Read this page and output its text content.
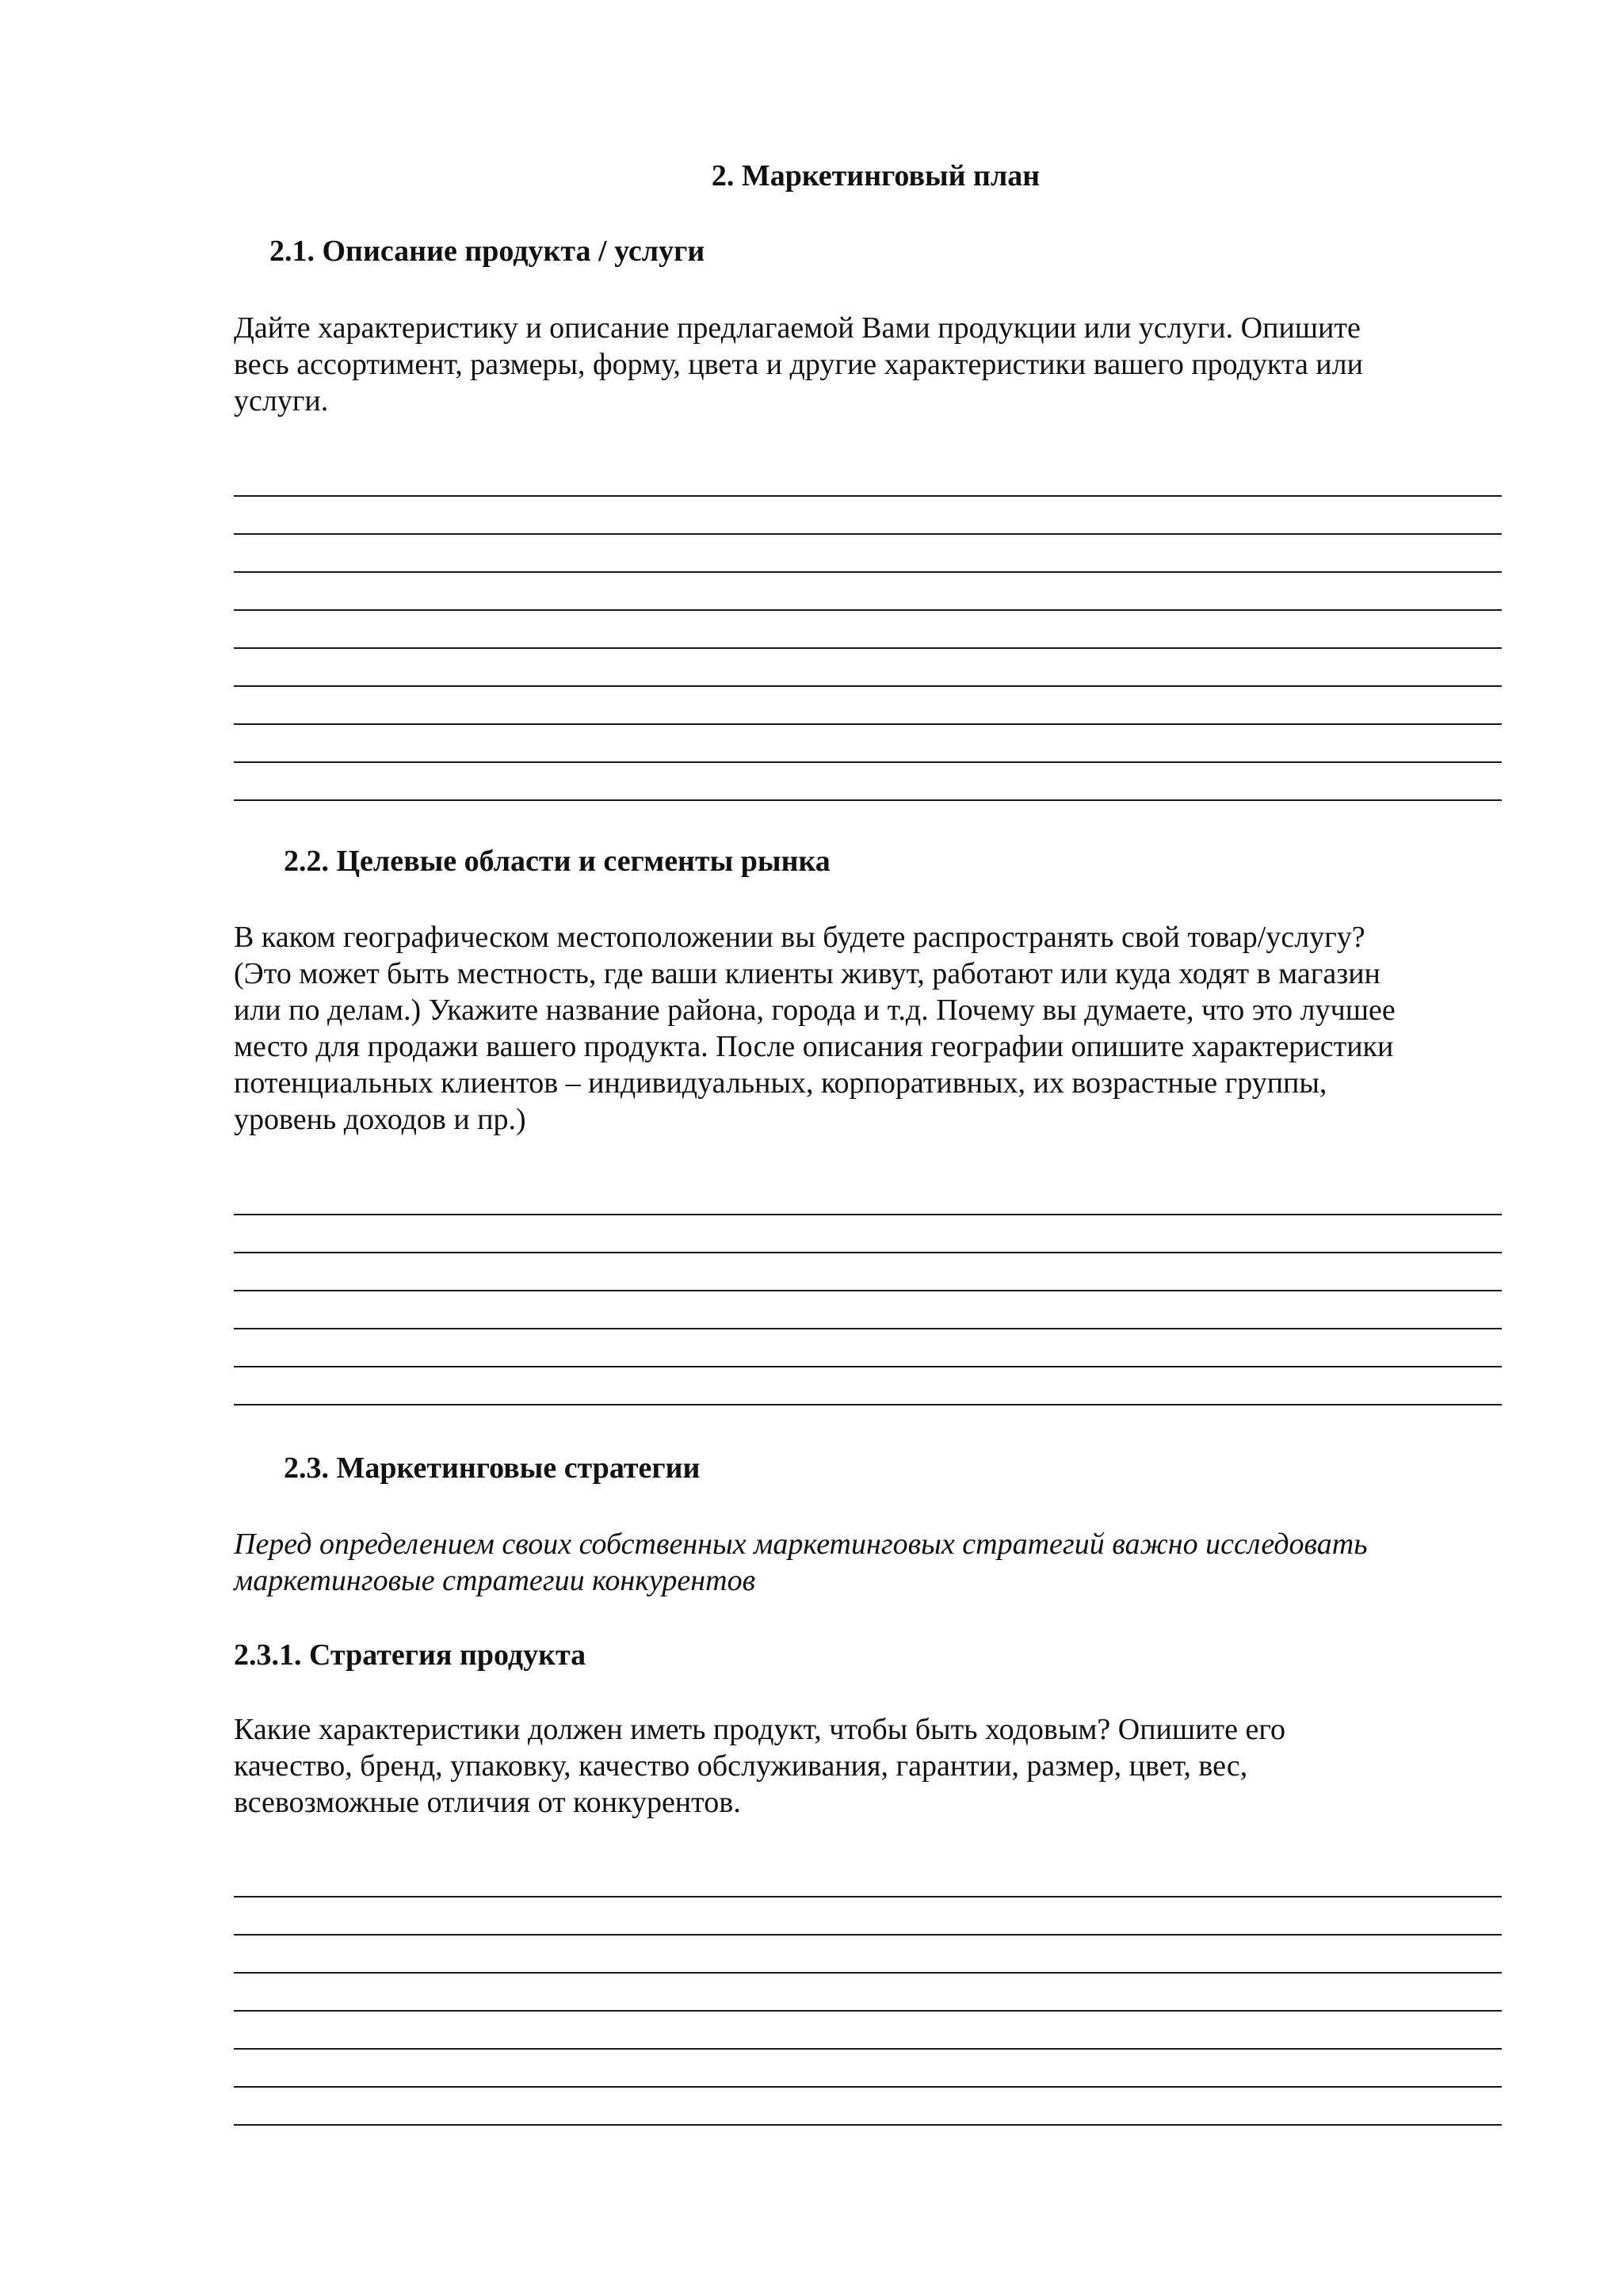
2. Маркетинговый план
2.1. Описание продукта / услуги
Дайте характеристику и описание предлагаемой Вами продукции или услуги. Опишите
весь ассортимент, размеры, форму, цвета и другие характеристики вашего продукта или
услуги.
2.2. Целевые области и сегменты рынка
В каком географическом местоположении вы будете распространять свой товар/услугу?
(Это может быть местность, где ваши клиенты живут, работают или куда ходят в магазин
или по делам.) Укажите название района, города и т.д. Почему вы думаете, что это лучшее
место для продажи вашего продукта. После описания географии опишите характеристики
потенциальных клиентов – индивидуальных, корпоративных, их возрастные группы,
уровень доходов и пр.)
2.3. Маркетинговые стратегии
Перед определением своих собственных маркетинговых стратегий важно исследовать
маркетинговые стратегии конкурентов
2.3.1. Стратегия продукта
Какие характеристики должен иметь продукт, чтобы быть ходовым? Опишите его
качество, бренд, упаковку, качество обслуживания, гарантии, размер, цвет, вес,
всевозможные отличия от конкурентов.
